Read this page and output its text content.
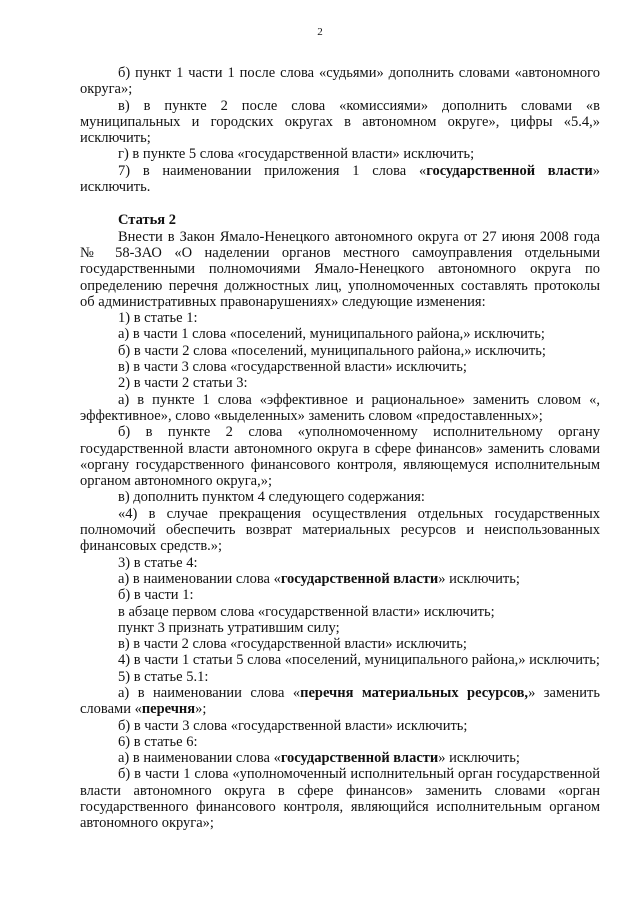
2

б) пункт 1 части 1 после слова «судьями» дополнить словами «автономного округа»;

в) в пункте 2 после слова «комиссиями» дополнить словами «в муниципальных и городских округах в автономном округе», цифры «5.4,» исключить;

г) в пункте 5 слова «государственной власти» исключить;

7) в наименовании приложения 1 слова «государственной власти» исключить.

Статья 2

Внести в Закон Ямало-Ненецкого автономного округа от 27 июня 2008 года № 58-ЗАО «О наделении органов местного самоуправления отдельными государственными полномочиями Ямало-Ненецкого автономного округа по определению перечня должностных лиц, уполномоченных составлять протоколы об административных правонарушениях» следующие изменения:

1) в статье 1:

а) в части 1 слова «поселений, муниципального района,» исключить;

б) в части 2 слова «поселений, муниципального района,» исключить;

в) в части 3 слова «государственной власти» исключить;

2) в части 2 статьи 3:

а) в пункте 1 слова «эффективное и рациональное» заменить словом «, эффективное», слово «выделенных» заменить словом «предоставленных»;

б) в пункте 2 слова «уполномоченному исполнительному органу государственной власти автономного округа в сфере финансов» заменить словами «органу государственного финансового контроля, являющемуся исполнительным органом автономного округа,»;

в) дополнить пунктом 4 следующего содержания:

«4) в случае прекращения осуществления отдельных государственных полномочий обеспечить возврат материальных ресурсов и неиспользованных финансовых средств.»;

3) в статье 4:

а) в наименовании слова «государственной власти» исключить;

б) в части 1:

в абзаце первом слова «государственной власти» исключить;

пункт 3 признать утратившим силу;

в) в части 2 слова «государственной власти» исключить;

4) в части 1 статьи 5 слова «поселений, муниципального района,» исключить;

5) в статье 5.1:

а) в наименовании слова «перечня материальных ресурсов,» заменить словами «перечня»;

б) в части 3 слова «государственной власти» исключить;

6) в статье 6:

а) в наименовании слова «государственной власти» исключить;

б) в части 1 слова «уполномоченный исполнительный орган государственной власти автономного округа в сфере финансов» заменить словами «орган государственного финансового контроля, являющийся исполнительным органом автономного округа»;
